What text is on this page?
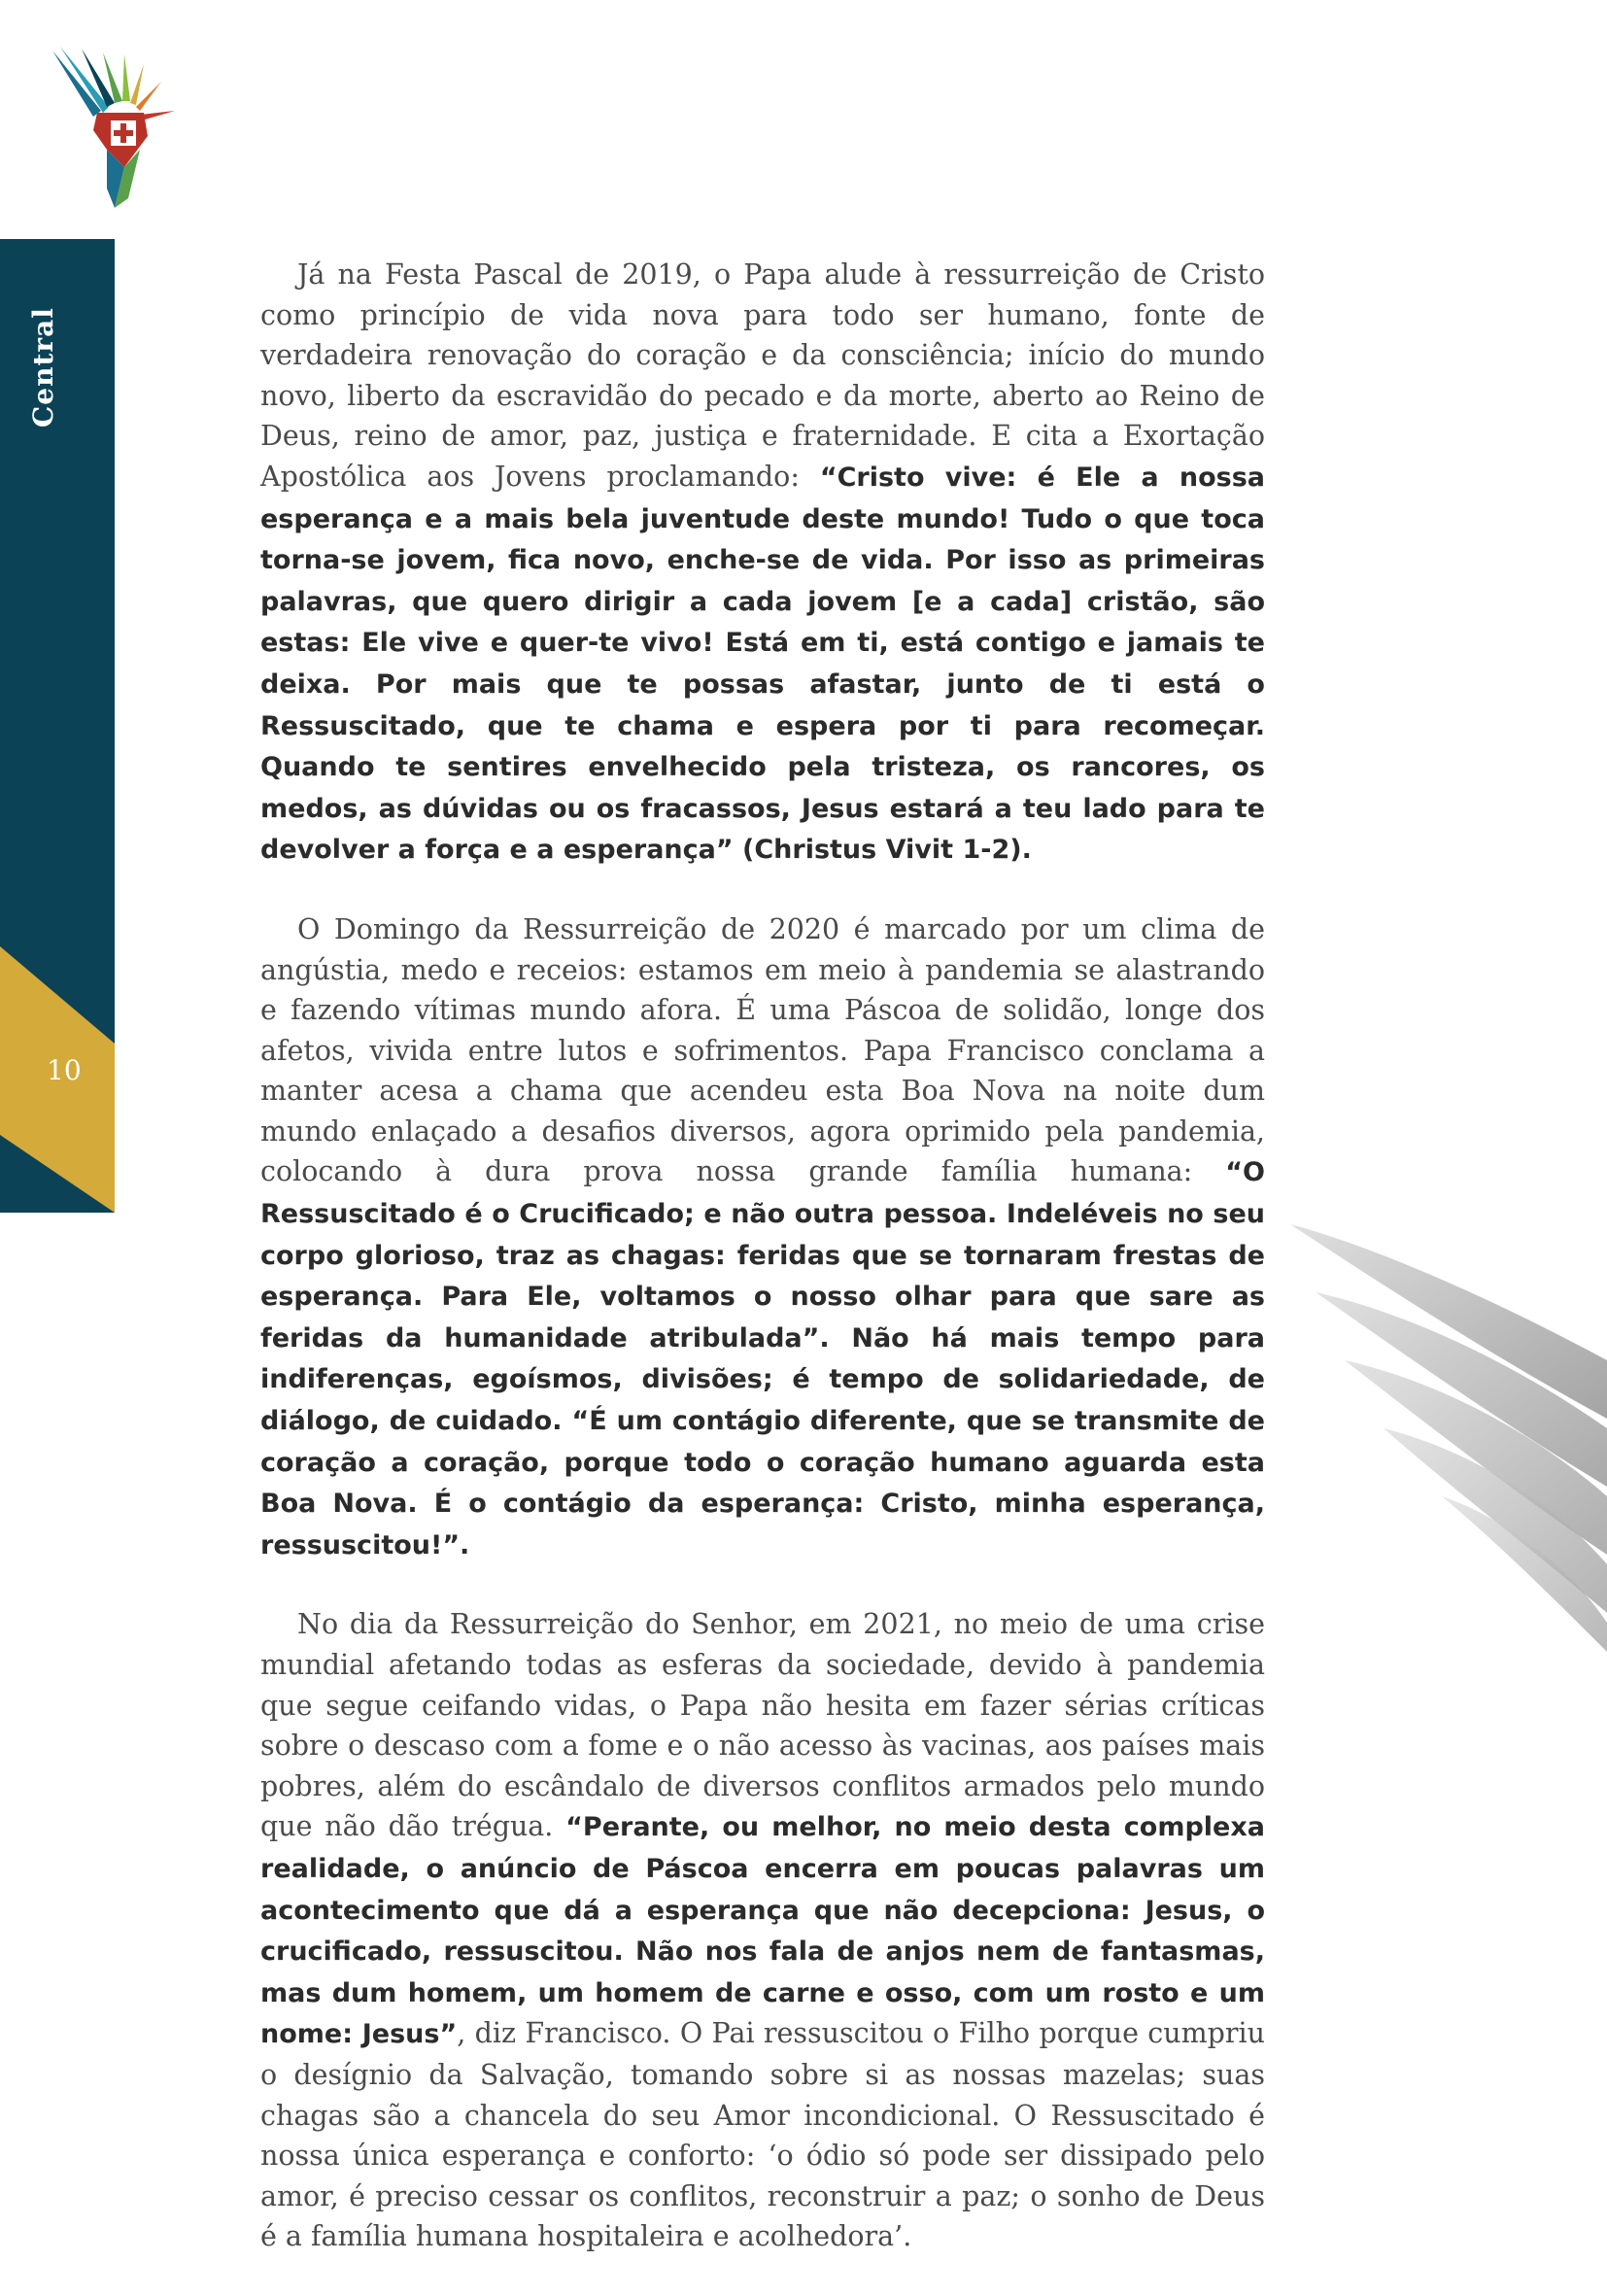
Central
10

Já na Festa Pascal de 2019, o Papa alude à ressurreição de Cristo como princípio de vida nova para todo ser humano, fonte de verdadeira renovação do coração e da consciência; início do mundo novo, liberto da escravidão do pecado e da morte, aberto ao Reino de Deus, reino de amor, paz, justiça e fraternidade. E cita a Exortação Apostólica aos Jovens proclamando: “Cristo vive: é Ele a nossa esperança e a mais bela juventude deste mundo! Tudo o que toca torna-se jovem, fica novo, enche-se de vida. Por isso as primeiras palavras, que quero dirigir a cada jovem [e a cada] cristão, são estas: Ele vive e quer-te vivo! Está em ti, está contigo e jamais te deixa. Por mais que te possas afastar, junto de ti está o Ressuscitado, que te chama e espera por ti para recomeçar. Quando te sentires envelhecido pela tristeza, os rancores, os medos, as dúvidas ou os fracassos, Jesus estará a teu lado para te devolver a força e a esperança” (Christus Vivit 1-2).

O Domingo da Ressurreição de 2020 é marcado por um clima de angústia, medo e receios: estamos em meio à pandemia se alastrando e fazendo vítimas mundo afora. É uma Páscoa de solidão, longe dos afetos, vivida entre lutos e sofrimentos. Papa Francisco conclama a manter acesa a chama que acendeu esta Boa Nova na noite dum mundo enlaçado a desafios diversos, agora oprimido pela pandemia, colocando à dura prova nossa grande família humana: “O Ressuscitado é o Crucificado; e não outra pessoa. Indeléveis no seu corpo glorioso, traz as chagas: feridas que se tornaram frestas de esperança. Para Ele, voltamos o nosso olhar para que sare as feridas da humanidade atribulada”. Não há mais tempo para indiferenças, egoísmos, divisões; é tempo de solidariedade, de diálogo, de cuidado. “É um contágio diferente, que se transmite de coração a coração, porque todo o coração humano aguarda esta Boa Nova. É o contágio da esperança: Cristo, minha esperança, ressuscitou!”.

No dia da Ressurreição do Senhor, em 2021, no meio de uma crise mundial afetando todas as esferas da sociedade, devido à pandemia que segue ceifando vidas, o Papa não hesita em fazer sérias críticas sobre o descaso com a fome e o não acesso às vacinas, aos países mais pobres, além do escândalo de diversos conflitos armados pelo mundo que não dão trégua. “Perante, ou melhor, no meio desta complexa realidade, o anúncio de Páscoa encerra em poucas palavras um acontecimento que dá a esperança que não decepciona: Jesus, o crucificado, ressuscitou. Não nos fala de anjos nem de fantasmas, mas dum homem, um homem de carne e osso, com um rosto e um nome: Jesus”, diz Francisco. O Pai ressuscitou o Filho porque cumpriu o desígnio da Salvação, tomando sobre si as nossas mazelas; suas chagas são a chancela do seu Amor incondicional. O Ressuscitado é nossa única esperança e conforto: ‘o ódio só pode ser dissipado pelo amor, é preciso cessar os conflitos, reconstruir a paz; o sonho de Deus é a família humana hospitaleira e acolhedora’.
